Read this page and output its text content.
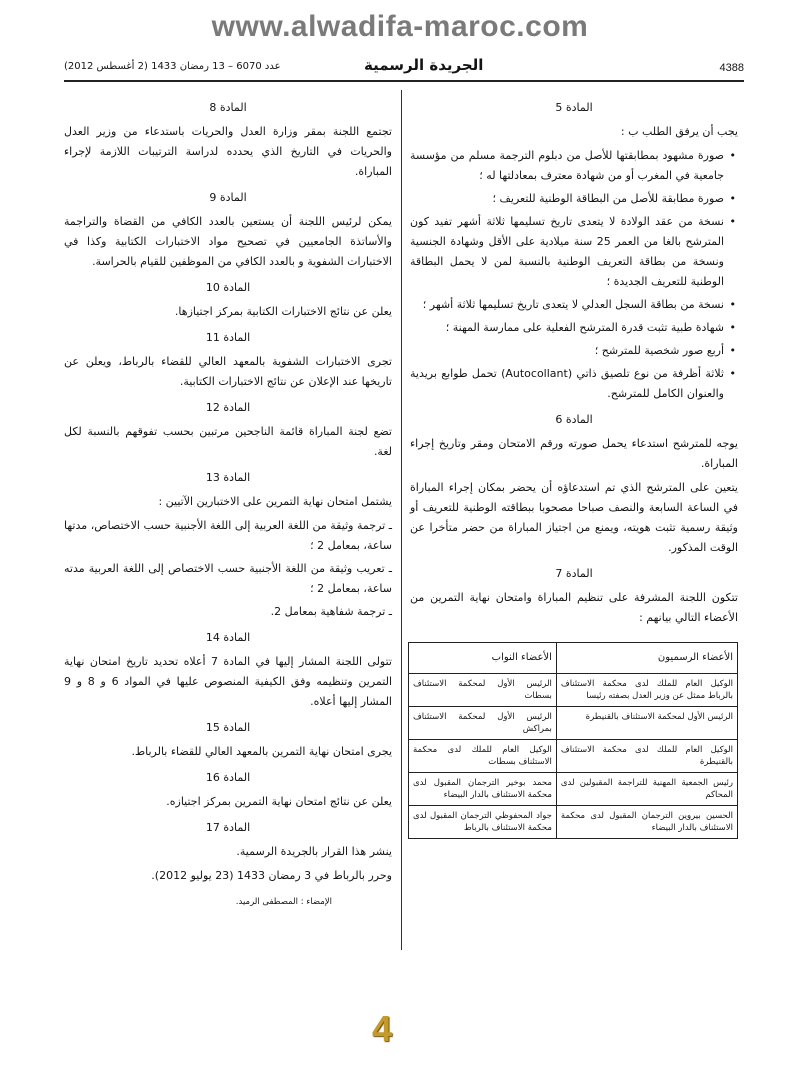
www.alwadifa-maroc.com
4388
الجريدة الرسمية
عدد 6070 – 13 رمضان 1433 (2 أغسطس 2012)
المادة 5

يجب أن يرفق الطلب ب :

• صورة مشهود بمطابقتها للأصل من دبلوم الترجمة مسلم من مؤسسة جامعية في المغرب أو من شهادة معترف بمعادلتها له ؛
• صورة مطابقة للأصل من البطاقة الوطنية للتعريف ؛
• نسخة من عقد الولادة لا يتعدى تاريخ تسليمها ثلاثة أشهر تفيد كون المترشح بالغا من العمر 25 سنة ميلادية على الأقل وشهادة الجنسية ونسخة من بطاقة التعريف الوطنية بالنسبة لمن لا يحمل البطاقة الوطنية للتعريف الجديدة ؛
• نسخة من بطاقة السجل العدلي لا يتعدى تاريخ تسليمها ثلاثة أشهر ؛
• شهادة طبية تثبت قدرة المترشح الفعلية على ممارسة المهنة ؛
• أربع صور شخصية للمترشح ؛
• ثلاثة أظرفة من نوع تلصيق ذاتي (Autocollant) تحمل طوابع بريدية والعنوان الكامل للمترشح.
المادة 6

يوجه للمترشح استدعاء يحمل صورته ورقم الامتحان ومقر وتاريخ إجراء المباراة.

يتعين على المترشح الذي تم استدعاؤه أن يحضر بمكان إجراء المباراة في الساعة السابعة والنصف صباحا مصحوبا ببطاقته الوطنية للتعريف أو وثيقة رسمية تثبت هويته، ويمنع من اجتياز المباراة من حضر متأخرا عن الوقت المذكور.

المادة 7

تتكون اللجنة المشرفة على تنظيم المباراة وامتحان نهاية التمرين من الأعضاء التالي بيانهم :

الأعضاء الرسميون	الأعضاء النواب
الوكيل العام للملك لدى محكمة الاستئناف بالرباط ممثل عن وزير العدل بصفته رئيسا	الرئيس الأول لمحكمة الاستئناف بسطات
الرئيس الأول لمحكمة الاستئناف بالقنيطرة	الرئيس الأول لمحكمة الاستئناف بمراكش
الوكيل العام للملك لدى محكمة الاستئناف بالقنيطرة	الوكيل العام للملك لدى محكمة الاستئناف بسطات
رئيس الجمعية المهنية للتراجمة المقبولين لدى المحاكم	محمد بوخير الترجمان المقبول لدى محكمة الاستئناف بالدار البيضاء
الحسين بيروين الترجمان المقبول لدى محكمة الاستئناف بالدار البيضاء	جواد المحفوظي الترجمان المقبول لدى محكمة الاستئناف بالرباط
المادة 8

تجتمع اللجنة بمقر وزارة العدل والحريات باستدعاء من وزير العدل والحريات في التاريخ الذي يحدده لدراسة الترتيبات اللازمة لإجراء المباراة.

المادة 9

يمكن لرئيس اللجنة أن يستعين بالعدد الكافي من القضاة والتراجمة والأساتذة الجامعيين في تصحيح مواد الاختبارات الكتابية وكذا في الاختبارات الشفوية و بالعدد الكافي من الموظفين للقيام بالحراسة.

المادة 10

يعلن عن نتائج الاختبارات الكتابية بمركز اجتيازها.

المادة 11

تجرى الاختبارات الشفوية بالمعهد العالي للقضاء بالرباط، ويعلن عن تاريخها عند الإعلان عن نتائج الاختبارات الكتابية.

المادة 12

تضع لجنة المباراة قائمة الناجحين مرتبين بحسب تفوقهم بالنسبة لكل لغة.

المادة 13

يشتمل امتحان نهاية التمرين على الاختبارين الآتيين :

ـ ترجمة وثيقة من اللغة العربية إلى اللغة الأجنبية حسب الاختصاص، مدتها ساعة، بمعامل 2 ؛
ـ تعريب وثيقة من اللغة الأجنبية حسب الاختصاص إلى اللغة العربية مدته ساعة، بمعامل 2 ؛
ـ ترجمة شفاهية بمعامل 2.
المادة 14

تتولى اللجنة المشار إليها في المادة 7 أعلاه تحديد تاريخ امتحان نهاية التمرين وتنظيمه وفق الكيفية المنصوص عليها في المواد 6 و 8 و 9 المشار إليها أعلاه.

المادة 15

يجرى امتحان نهاية التمرين بالمعهد العالي للقضاء بالرباط.

المادة 16

يعلن عن نتائج امتحان نهاية التمرين بمركز اجتيازه.

المادة 17

ينشر هذا القرار بالجريدة الرسمية.

وحرر بالرباط في 3 رمضان 1433 (23 يوليو 2012).

الإمضاء : المصطفى الرميد.
4
